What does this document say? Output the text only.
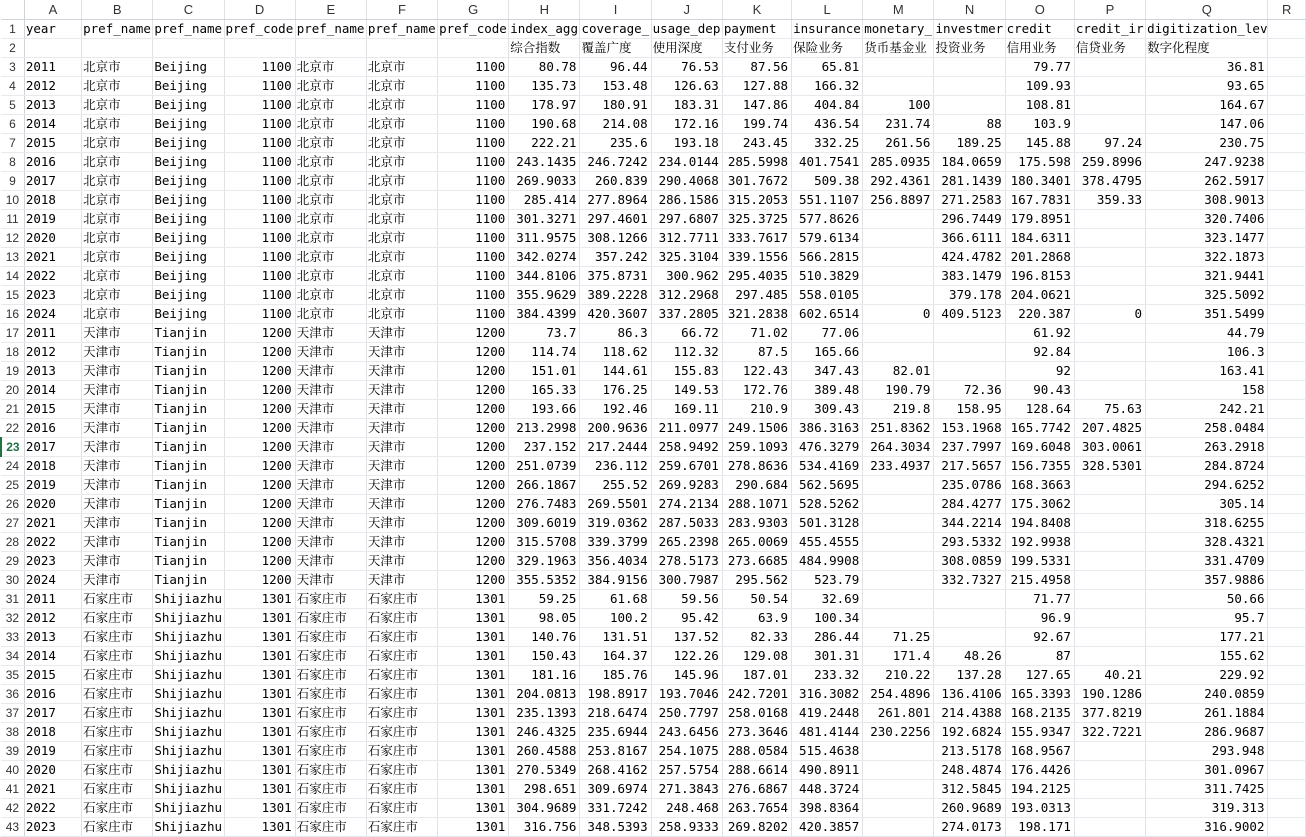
	A	B	C	D	E	F	G	H	I	J	K	L	M	N	O	P	Q	R
1	year	pref_name	pref_name	pref_code	pref_name	pref_name	pref_code	index_agg	coverage_	usage_dep	payment	insurance	monetary_	investmer	credit	credit_ir	digitization_lev	
2								综合指数	覆盖广度	使用深度	支付业务	保险业务	货币基金业	投资业务	信用业务	信贷业务	数字化程度	
3	2011	北京市	Beijing	1100	北京市	北京市	1100	80.78	96.44	76.53	87.56	65.81			79.77		36.81	
4	2012	北京市	Beijing	1100	北京市	北京市	1100	135.73	153.48	126.63	127.88	166.32			109.93		93.65	
5	2013	北京市	Beijing	1100	北京市	北京市	1100	178.97	180.91	183.31	147.86	404.84	100		108.81		164.67	
6	2014	北京市	Beijing	1100	北京市	北京市	1100	190.68	214.08	172.16	199.74	436.54	231.74	88	103.9		147.06	
7	2015	北京市	Beijing	1100	北京市	北京市	1100	222.21	235.6	193.18	243.45	332.25	261.56	189.25	145.88	97.24	230.75	
8	2016	北京市	Beijing	1100	北京市	北京市	1100	243.1435	246.7242	234.0144	285.5998	401.7541	285.0935	184.0659	175.598	259.8996	247.9238	
9	2017	北京市	Beijing	1100	北京市	北京市	1100	269.9033	260.839	290.4068	301.7672	509.38	292.4361	281.1439	180.3401	378.4795	262.5917	
10	2018	北京市	Beijing	1100	北京市	北京市	1100	285.414	277.8964	286.1586	315.2053	551.1107	256.8897	271.2583	167.7831	359.33	308.9013	
11	2019	北京市	Beijing	1100	北京市	北京市	1100	301.3271	297.4601	297.6807	325.3725	577.8626		296.7449	179.8951		320.7406	
12	2020	北京市	Beijing	1100	北京市	北京市	1100	311.9575	308.1266	312.7711	333.7617	579.6134		366.6111	184.6311		323.1477	
13	2021	北京市	Beijing	1100	北京市	北京市	1100	342.0274	357.242	325.3104	339.1556	566.2815		424.4782	201.2868		322.1873	
14	2022	北京市	Beijing	1100	北京市	北京市	1100	344.8106	375.8731	300.962	295.4035	510.3829		383.1479	196.8153		321.9441	
15	2023	北京市	Beijing	1100	北京市	北京市	1100	355.9629	389.2228	312.2968	297.485	558.0105		379.178	204.0621		325.5092	
16	2024	北京市	Beijing	1100	北京市	北京市	1100	384.4399	420.3607	337.2805	321.2838	602.6514	0	409.5123	220.387	0	351.5499	
17	2011	天津市	Tianjin	1200	天津市	天津市	1200	73.7	86.3	66.72	71.02	77.06			61.92		44.79	
18	2012	天津市	Tianjin	1200	天津市	天津市	1200	114.74	118.62	112.32	87.5	165.66			92.84		106.3	
19	2013	天津市	Tianjin	1200	天津市	天津市	1200	151.01	144.61	155.83	122.43	347.43	82.01		92		163.41	
20	2014	天津市	Tianjin	1200	天津市	天津市	1200	165.33	176.25	149.53	172.76	389.48	190.79	72.36	90.43		158	
21	2015	天津市	Tianjin	1200	天津市	天津市	1200	193.66	192.46	169.11	210.9	309.43	219.8	158.95	128.64	75.63	242.21	
22	2016	天津市	Tianjin	1200	天津市	天津市	1200	213.2998	200.9636	211.0977	249.1506	386.3163	251.8362	153.1968	165.7742	207.4825	258.0484	
23	2017	天津市	Tianjin	1200	天津市	天津市	1200	237.152	217.2444	258.9492	259.1093	476.3279	264.3034	237.7997	169.6048	303.0061	263.2918	
24	2018	天津市	Tianjin	1200	天津市	天津市	1200	251.0739	236.112	259.6701	278.8636	534.4169	233.4937	217.5657	156.7355	328.5301	284.8724	
25	2019	天津市	Tianjin	1200	天津市	天津市	1200	266.1867	255.52	269.9283	290.684	562.5695		235.0786	168.3663		294.6252	
26	2020	天津市	Tianjin	1200	天津市	天津市	1200	276.7483	269.5501	274.2134	288.1071	528.5262		284.4277	175.3062		305.14	
27	2021	天津市	Tianjin	1200	天津市	天津市	1200	309.6019	319.0362	287.5033	283.9303	501.3128		344.2214	194.8408		318.6255	
28	2022	天津市	Tianjin	1200	天津市	天津市	1200	315.5708	339.3799	265.2398	265.0069	455.4555		293.5332	192.9938		328.4321	
29	2023	天津市	Tianjin	1200	天津市	天津市	1200	329.1963	356.4034	278.5173	273.6685	484.9908		308.0859	199.5331		331.4709	
30	2024	天津市	Tianjin	1200	天津市	天津市	1200	355.5352	384.9156	300.7987	295.562	523.79		332.7327	215.4958		357.9886	
31	2011	石家庄市	Shijiazhu	1301	石家庄市	石家庄市	1301	59.25	61.68	59.56	50.54	32.69			71.77		50.66	
32	2012	石家庄市	Shijiazhu	1301	石家庄市	石家庄市	1301	98.05	100.2	95.42	63.9	100.34			96.9		95.7	
33	2013	石家庄市	Shijiazhu	1301	石家庄市	石家庄市	1301	140.76	131.51	137.52	82.33	286.44	71.25		92.67		177.21	
34	2014	石家庄市	Shijiazhu	1301	石家庄市	石家庄市	1301	150.43	164.37	122.26	129.08	301.31	171.4	48.26	87		155.62	
35	2015	石家庄市	Shijiazhu	1301	石家庄市	石家庄市	1301	181.16	185.76	145.96	187.01	233.32	210.22	137.28	127.65	40.21	229.92	
36	2016	石家庄市	Shijiazhu	1301	石家庄市	石家庄市	1301	204.0813	198.8917	193.7046	242.7201	316.3082	254.4896	136.4106	165.3393	190.1286	240.0859	
37	2017	石家庄市	Shijiazhu	1301	石家庄市	石家庄市	1301	235.1393	218.6474	250.7797	258.0168	419.2448	261.801	214.4388	168.2135	377.8219	261.1884	
38	2018	石家庄市	Shijiazhu	1301	石家庄市	石家庄市	1301	246.4325	235.6944	243.6456	273.3646	481.4144	230.2256	192.6824	155.9347	322.7221	286.9687	
39	2019	石家庄市	Shijiazhu	1301	石家庄市	石家庄市	1301	260.4588	253.8167	254.1075	288.0584	515.4638		213.5178	168.9567		293.948	
40	2020	石家庄市	Shijiazhu	1301	石家庄市	石家庄市	1301	270.5349	268.4162	257.5754	288.6614	490.8911		248.4874	176.4426		301.0967	
41	2021	石家庄市	Shijiazhu	1301	石家庄市	石家庄市	1301	298.651	309.6974	271.3843	276.6867	448.3724		312.5845	194.2125		311.7425	
42	2022	石家庄市	Shijiazhu	1301	石家庄市	石家庄市	1301	304.9689	331.7242	248.468	263.7654	398.8364		260.9689	193.0313		319.313	
43	2023	石家庄市	Shijiazhu	1301	石家庄市	石家庄市	1301	316.756	348.5393	258.9333	269.8202	420.3857		274.0173	198.171		316.9002	
